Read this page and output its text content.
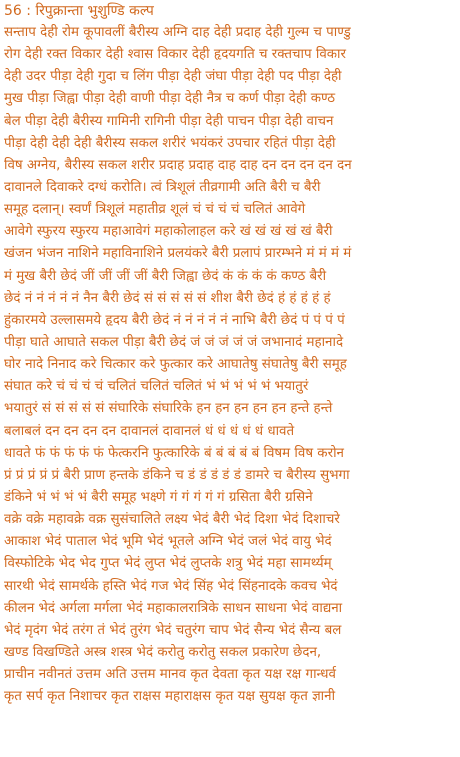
56 : रिपुक्रान्ता भुशुण्डि कल्प
सन्ताप देही रोम कूपावलीं बैरीस्य अग्नि दाह देही प्रदाह देही गुल्म च पाण्डु
रोग देही रक्त विकार देही श्वास विकार देही हृदयगति च रक्तचाप विकार
देही उदर पीड़ा देही गुदा च लिंग पीड़ा देही जंघा पीड़ा देही पद पीड़ा देही
मुख पीड़ा जिह्वा पीड़ा देही वाणी पीड़ा देही नैत्र च कर्ण पीड़ा देही कण्ठ
बेल पीड़ा देही बैरीस्य गामिनी रागिनी पीड़ा देही पाचन पीड़ा देही वाचन
पीड़ा देही देही देही बैरीस्य सकल शरीरं भयंकरं उपचार रहितं पीड़ा देही
विष अग्नेय, बैरीस्य सकल शरीर प्रदाह प्रदाह दाह दाह दन दन दन दन दन
दावानले दिवाकरे दग्धं करोति। त्वं त्रिशूलं तीव्रगामी अति बैरी च बैरी
समूह दलान्। स्वर्णं त्रिशूलं महातीव्र शूलं चं चं चं चं चलितं आवेगे
आवेगे स्फुरय स्फुरय महाआवेगं महाकोलाहल करे खं खं खं खं खं बैरी
खंजन भंजन नाशिने महाविनाशिने प्रलयंकरे बैरी प्रलापं प्रारम्भने मं मं मं मं
मं मुख बैरी छेदं जीं जीं जीं जीं बैरी जिह्वा छेदं कं कं कं कं कण्ठ बैरी
छेदं नं नं नं नं नं नैन बैरी छेदं सं सं सं सं सं शीश बैरी छेदं हं हं हं हं हं
हुंकारमये उल्लासमये हृदय बैरी छेदं नं नं नं नं नं नाभि बैरी छेदं पं पं पं पं
पीड़ा घाते आघाते सकल पीड़ा बैरी छेदं जं जं जं जं जं जभानादं महानादे
घोर नादे निनाद करे चित्कार करे फुत्कार करे आघातेषु संघातेषु बैरी समूह
संघात करे चं चं चं चं चलितं चलितं चलितं भं भं भं भं भं भयातुरं
भयातुरं सं सं सं सं सं संघारिके संघारिके हन हन हन हन हन हन्ते हन्ते
बलाबलं दन दन दन दन दावानलं दावानलं धं धं धं धं धं धावते
धावते फं फं फं फं फं फेत्करनि फुत्कारिके बं बं बं बं बं विषम विष करोन
प्रं प्रं प्रं प्रं प्रं बैरी प्राण हन्तके डंकिने च डं डं डं डं डं डामरे च बैरीस्य सुभगा
डंकिने भं भं भं भं बैरी समूह भक्ष्णे गं गं गं गं गं ग्रसिता बैरी ग्रसिने
वक्रे वक्रे महावक्रे वक्र सुसंचालिते लक्ष्य भेदं बैरी भेदं दिशा भेदं दिशाचरे
आकाश भेदं पाताल भेदं भूमि भेदं भूतले अग्नि भेदं जलं भेदं वायु भेदं
विस्फोटिके भेद भेद गुप्त भेदं लुप्त भेदं लुप्तके शत्रु भेदं महा सामर्थ्यम्
सारथी भेदं सामर्थके हस्ति भेदं गज भेदं सिंह भेदं सिंहनादके कवच भेदं
कीलन भेदं अर्गला मर्गला भेदं महाकालरात्रिके साधन साधना भेदं वाद्यना
भेदं मृदंग भेदं तरंग तं भेदं तुरंग भेदं चतुरंग चाप भेदं सैन्य भेदं सैन्य बल
खण्ड विखण्डिते अस्त्र शस्त्र भेदं करोतु करोतु सकल प्रकारेण छेदन,
प्राचीन नवीनतं उत्तम अति उत्तम मानव कृत देवता कृत यक्ष रक्ष गान्धर्व
कृत सर्प कृत निशाचर कृत राक्षस महाराक्षस कृत यक्ष सुयक्ष कृत ज्ञानी
